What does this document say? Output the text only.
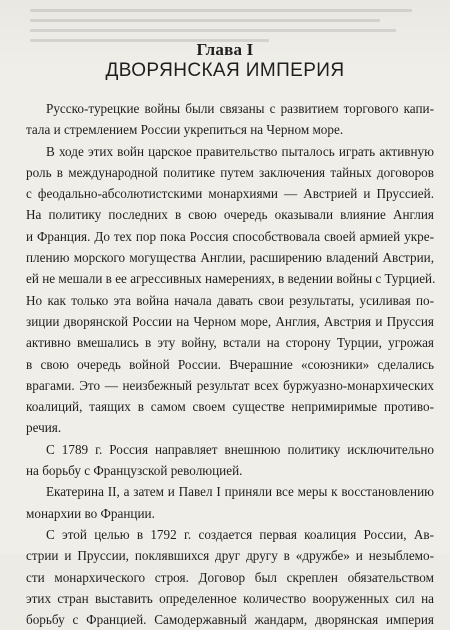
Глава I
ДВОРЯНСКАЯ ИМПЕРИЯ
Русско-турецкие войны были связаны с развитием торгового капи-
тала и стремлением России укрепиться на Черном море.
В ходе этих войн царское правительство пыталось играть активную
роль в международной политике путем заключения тайных договоров
с феодально-абсолютистскими монархиями — Австрией и Пруссией.
На политику последних в свою очередь оказывали влияние Англия
и Франция. До тех пор пока Россия способствовала своей армией укре-
плению морского могущества Англии, расширению владений Австрии,
ей не мешали в ее агрессивных намерениях, в ведении войны с Турцией.
Но как только эта война начала давать свои результаты, усиливая по-
зиции дворянской России на Черном море, Англия, Австрия и Пруссия
активно вмешались в эту войну, встали на сторону Турции, угрожая
в свою очередь войной России. Вчерашние «союзники» сделались
врагами. Это — неизбежный результат всех буржуазно-монархических
коалиций, таящих в самом своем существе непримиримые противо-
речия.
С 1789 г. Россия направляет внешнюю политику исключительно
на борьбу с Французской революцией.
Екатерина II, а затем и Павел I приняли все меры к восстановлению
монархии во Франции.
С этой целью в 1792 г. создается первая коалиция России, Ав-
стрии и Пруссии, поклявшихся друг другу в «дружбе» и незыблемо-
сти монархического строя. Договор был скреплен обязательством
этих стран выставить определенное количество вооруженных сил на
борьбу с Францией. Самодержавный жандарм, дворянская империя
